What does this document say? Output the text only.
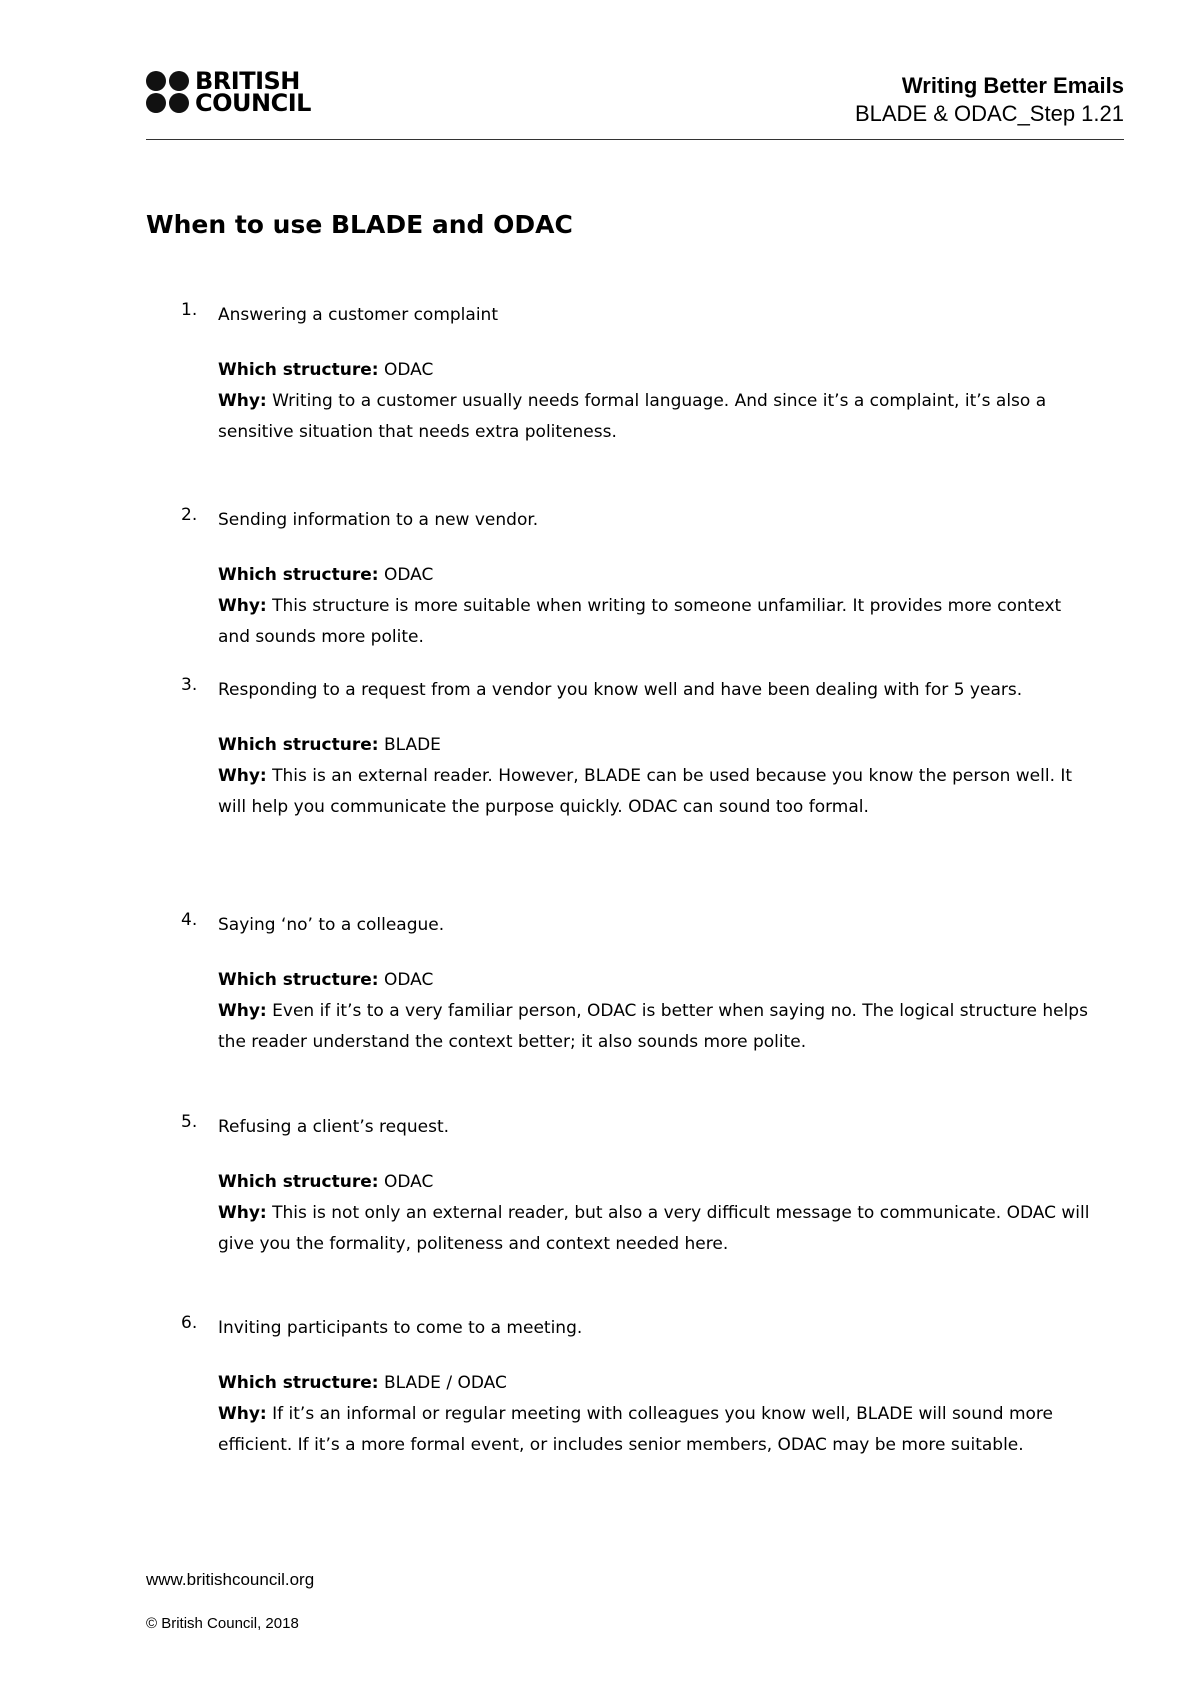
BRITISH
COUNCIL
Writing Better Emails
BLADE & ODAC_Step 1.21
When to use BLADE and ODAC
1.	Answering a customer complaint
Which structure: ODAC
Why: Writing to a customer usually needs formal language. And since it’s a complaint, it’s also a sensitive situation that needs extra politeness.
2.	Sending information to a new vendor.
Which structure: ODAC
Why: This structure is more suitable when writing to someone unfamiliar. It provides more context and sounds more polite.
3.	Responding to a request from a vendor you know well and have been dealing with for 5 years.
Which structure: BLADE
Why: This is an external reader. However, BLADE can be used because you know the person well. It will help you communicate the purpose quickly. ODAC can sound too formal.
4.	Saying ‘no’ to a colleague.
Which structure: ODAC
Why: Even if it’s to a very familiar person, ODAC is better when saying no. The logical structure helps the reader understand the context better; it also sounds more polite.
5.	Refusing a client’s request.
Which structure: ODAC
Why: This is not only an external reader, but also a very difficult message to communicate. ODAC will give you the formality, politeness and context needed here.
6.	Inviting participants to come to a meeting.
Which structure: BLADE / ODAC
Why: If it’s an informal or regular meeting with colleagues you know well, BLADE will sound more efficient. If it’s a more formal event, or includes senior members, ODAC may be more suitable.
www.britishcouncil.org
© British Council, 2018
